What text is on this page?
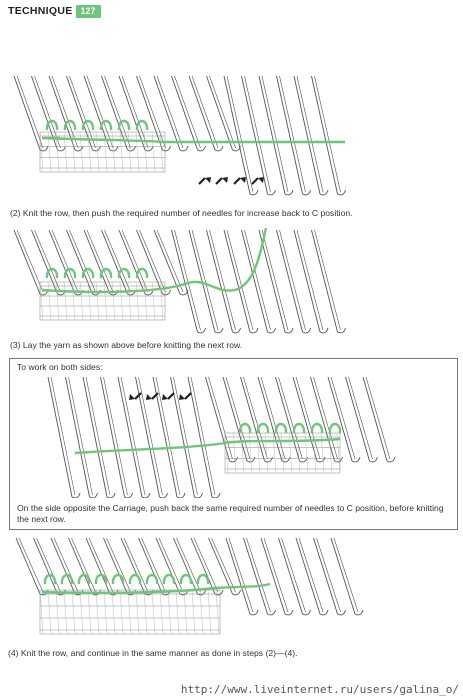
TECHNIQUE 127
(2) Knit the row, then push the required number of needles for increase back to C position.
(3) Lay the yarn as shown above before knitting the next row.
To work on both sides:
On the side opposite the Carriage, push back the same required number of needles to C position, before knitting the next row.
(4) Knit the row, and continue in the same manner as done in steps (2)—(4).
http://www.liveinternet.ru/users/galina_o/
